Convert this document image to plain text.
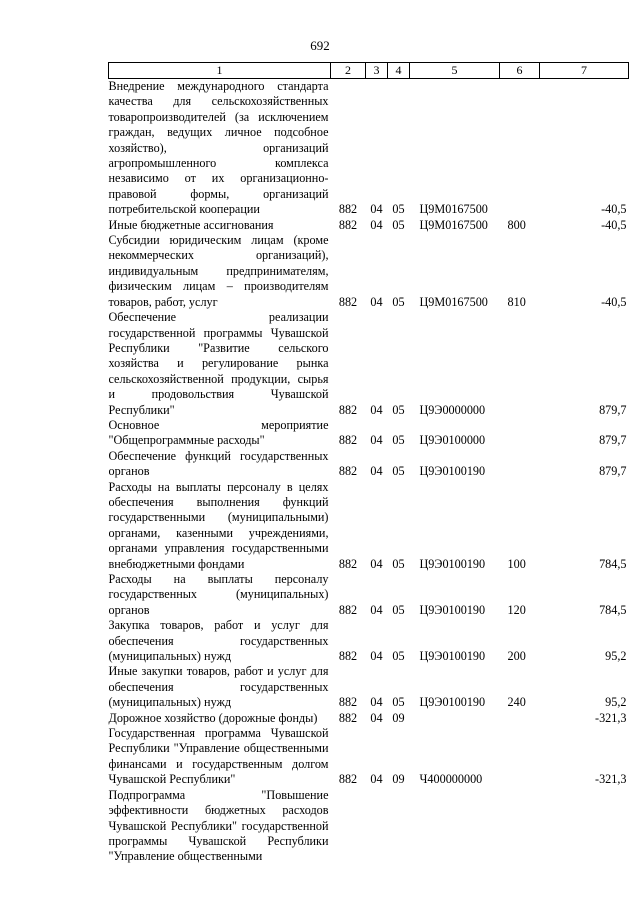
692
1	2	3	4	5	6	7
Внедрение международного стандарта качества для сельскохозяйственных товаропроизводителей (за исключением граждан, ведущих личное подсобное хозяйство), организаций агропромышленного комплекса независимо от их организационно-правовой формы, организаций потребительской кооперации	882	04	05	Ц9М0167500		-40,5
Иные бюджетные ассигнования	882	04	05	Ц9М0167500	800	-40,5
Субсидии юридическим лицам (кроме некоммерческих организаций), индивидуальным предпринимателям, физическим лицам – производителям товаров, работ, услуг	882	04	05	Ц9М0167500	810	-40,5
Обеспечение реализации государственной программы Чувашской Республики "Развитие сельского хозяйства и регулирование рынка сельскохозяйственной продукции, сырья и продовольствия Чувашской Республики"	882	04	05	Ц9Э0000000		879,7
Основное мероприятие "Общепрограммные расходы"	882	04	05	Ц9Э0100000		879,7
Обеспечение функций государственных органов	882	04	05	Ц9Э0100190		879,7
Расходы на выплаты персоналу в целях обеспечения выполнения функций государственными (муниципальными) органами, казенными учреждениями, органами управления государственными внебюджетными фондами	882	04	05	Ц9Э0100190	100	784,5
Расходы на выплаты персоналу государственных (муниципальных) органов	882	04	05	Ц9Э0100190	120	784,5
Закупка товаров, работ и услуг для обеспечения государственных (муниципальных) нужд	882	04	05	Ц9Э0100190	200	95,2
Иные закупки товаров, работ и услуг для обеспечения государственных (муниципальных) нужд	882	04	05	Ц9Э0100190	240	95,2
Дорожное хозяйство (дорожные фонды)	882	04	09			-321,3
Государственная программа Чувашской Республики "Управление общественными финансами и государственным долгом Чувашской Республики"	882	04	09	Ч400000000		-321,3
Подпрограмма "Повышение эффективности бюджетных расходов Чувашской Республики" государственной программы Чувашской Республики "Управление общественными						
